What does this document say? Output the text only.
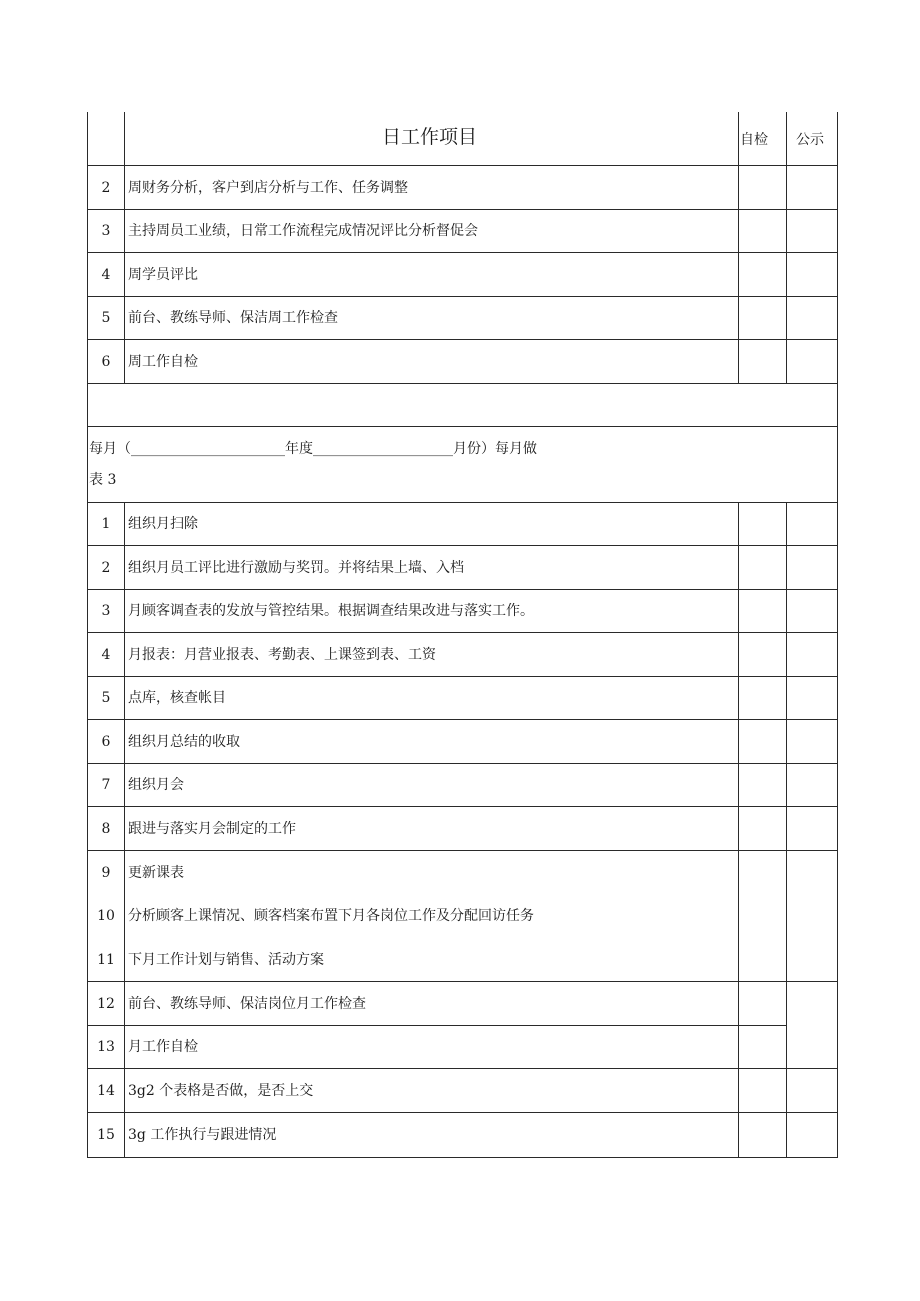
日工作项目	自检 公示
2	周财务分析，客户到店分析与工作、任务调整
3	主持周员工业绩，日常工作流程完成情况评比分析督促会
4	周学员评比
5	前台、教练导师、保洁周工作检查
6	周工作自检
每月（______________________年度____________________月份）每月做
表 3
1	组织月扫除
2	组织月员工评比进行激励与奖罚。并将结果上墙、入档
3	月顾客调查表的发放与管控结果。根据调查结果改进与落实工作。
4	月报表：月营业报表、考勤表、上课签到表、工资
5	点库，核查帐目
6	组织月总结的收取
7	组织月会
8	跟进与落实月会制定的工作
9	更新课表
10 分析顾客上课情况、顾客档案布置下月各岗位工作及分配回访任务
11 下月工作计划与销售、活动方案
12 前台、教练导师、保洁岗位月工作检查
13 月工作自检
14 3g2 个表格是否做，是否上交
15 3g 工作执行与跟进情况
